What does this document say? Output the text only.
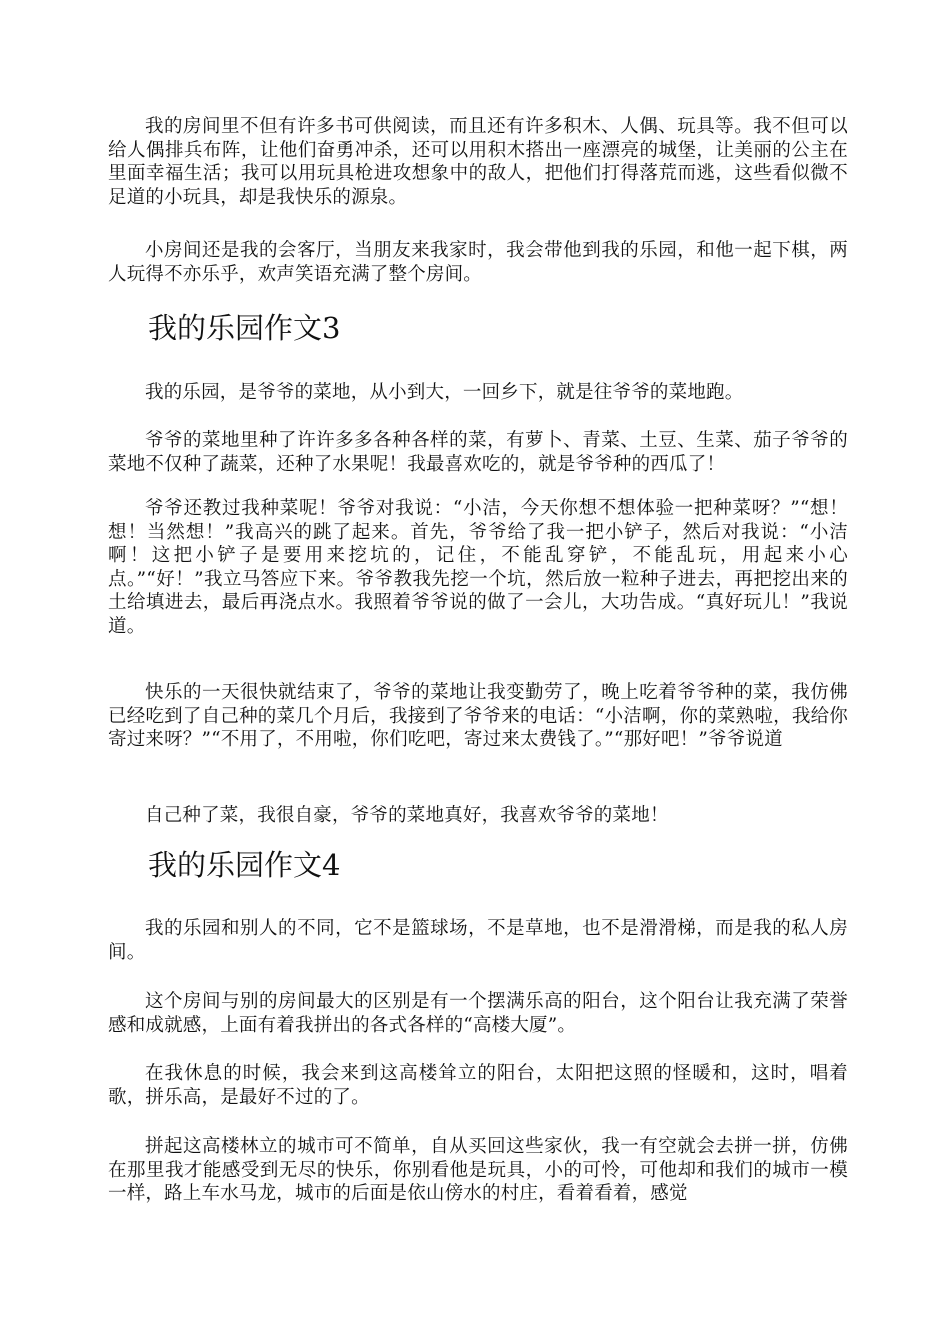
我的房间里不但有许多书可供阅读，而且还有许多积木、人偶、玩具等。我不但可以给人偶排兵布阵，让他们奋勇冲杀，还可以用积木搭出一座漂亮的城堡，让美丽的公主在里面幸福生活；我可以用玩具枪进攻想象中的敌人，把他们打得落荒而逃，这些看似微不足道的小玩具，却是我快乐的源泉。

小房间还是我的会客厅，当朋友来我家时，我会带他到我的乐园，和他一起下棋，两人玩得不亦乐乎，欢声笑语充满了整个房间。

我的乐园作文3

我的乐园，是爷爷的菜地，从小到大，一回乡下，就是往爷爷的菜地跑。

爷爷的菜地里种了许许多多各种各样的菜，有萝卜、青菜、土豆、生菜、茄子爷爷的菜地不仅种了蔬菜，还种了水果呢！我最喜欢吃的，就是爷爷种的西瓜了！

爷爷还教过我种菜呢！爷爷对我说：“小洁，今天你想不想体验一把种菜呀？”“想！想！当然想！”我高兴的跳了起来。首先，爷爷给了我一把小铲子，然后对我说：“小洁啊！这把小铲子是要用来挖坑的，记住，不能乱穿铲，不能乱玩，用起来小心点。”“好！”我立马答应下来。爷爷教我先挖一个坑，然后放一粒种子进去，再把挖出来的土给填进去，最后再浇点水。我照着爷爷说的做了一会儿，大功告成。“真好玩儿！”我说道。

快乐的一天很快就结束了，爷爷的菜地让我变勤劳了，晚上吃着爷爷种的菜，我仿佛已经吃到了自己种的菜几个月后，我接到了爷爷来的电话：“小洁啊，你的菜熟啦，我给你寄过来呀？”“不用了，不用啦，你们吃吧，寄过来太费钱了。”“那好吧！”爷爷说道

自己种了菜，我很自豪，爷爷的菜地真好，我喜欢爷爷的菜地！

我的乐园作文4

我的乐园和别人的不同，它不是篮球场，不是草地，也不是滑滑梯，而是我的私人房间。

这个房间与别的房间最大的区别是有一个摆满乐高的阳台，这个阳台让我充满了荣誉感和成就感，上面有着我拼出的各式各样的“高楼大厦”。

在我休息的时候，我会来到这高楼耸立的阳台，太阳把这照的怪暖和，这时，唱着歌，拼乐高，是最好不过的了。

拼起这高楼林立的城市可不简单，自从买回这些家伙，我一有空就会去拼一拼，仿佛在那里我才能感受到无尽的快乐，你别看他是玩具，小的可怜，可他却和我们的城市一模一样，路上车水马龙，城市的后面是依山傍水的村庄，看着看着，感觉
